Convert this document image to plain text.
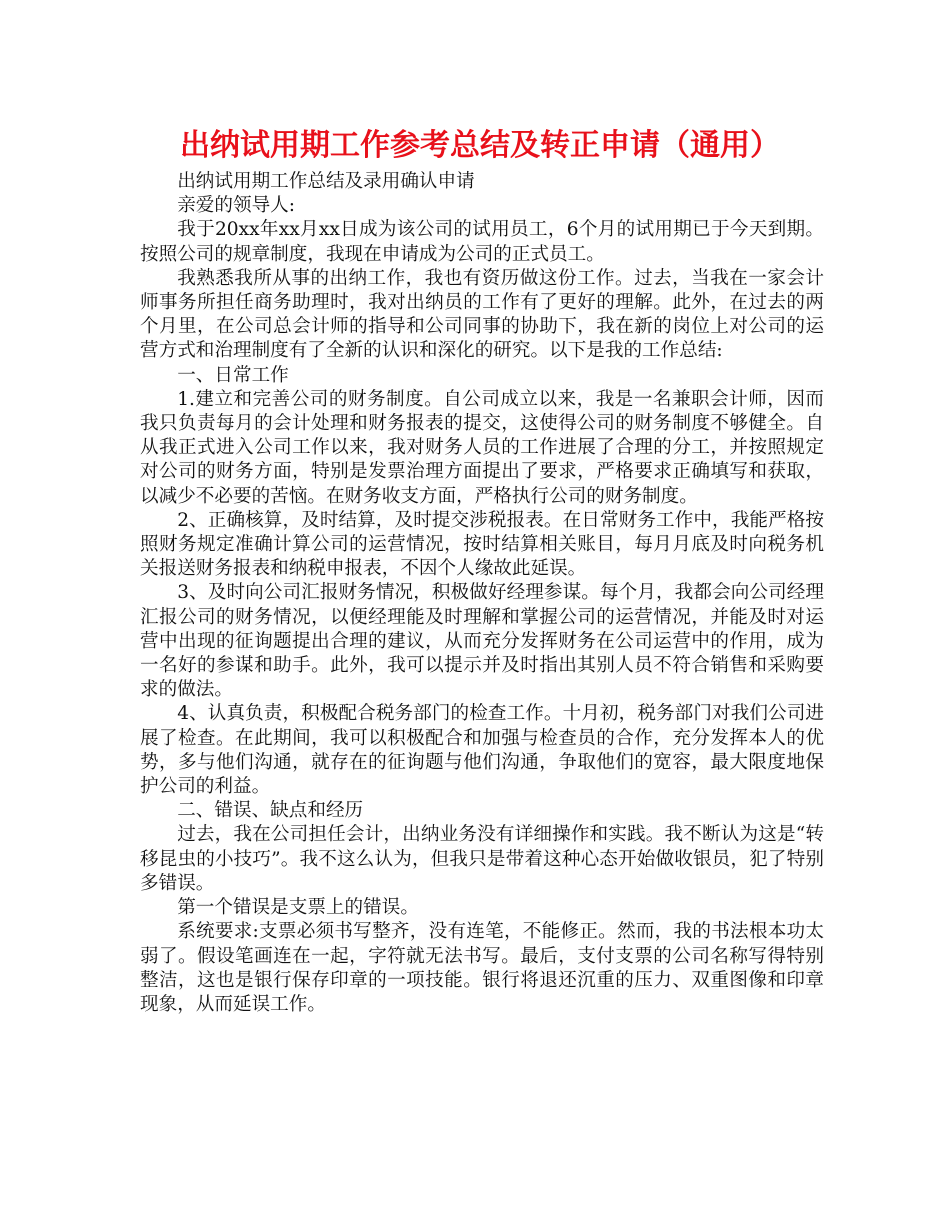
出纳试用期工作参考总结及转正申请（通用）

出纳试用期工作总结及录用确认申请

亲爱的领导人:

我于20xx年xx月xx日成为该公司的试用员工，6个月的试用期已于今天到期。按照公司的规章制度，我现在申请成为公司的正式员工。

我熟悉我所从事的出纳工作，我也有资历做这份工作。过去，当我在一家会计师事务所担任商务助理时，我对出纳员的工作有了更好的理解。此外，在过去的两个月里，在公司总会计师的指导和公司同事的协助下，我在新的岗位上对公司的运营方式和治理制度有了全新的认识和深化的研究。以下是我的工作总结:

一、日常工作

1.建立和完善公司的财务制度。自公司成立以来，我是一名兼职会计师，因而我只负责每月的会计处理和财务报表的提交，这使得公司的财务制度不够健全。自从我正式进入公司工作以来，我对财务人员的工作进展了合理的分工，并按照规定对公司的财务方面，特别是发票治理方面提出了要求，严格要求正确填写和获取，以减少不必要的苦恼。在财务收支方面，严格执行公司的财务制度。

2、正确核算，及时结算，及时提交涉税报表。在日常财务工作中，我能严格按照财务规定准确计算公司的运营情况，按时结算相关账目，每月月底及时向税务机关报送财务报表和纳税申报表，不因个人缘故此延误。

3、及时向公司汇报财务情况，积极做好经理参谋。每个月，我都会向公司经理汇报公司的财务情况，以便经理能及时理解和掌握公司的运营情况，并能及时对运营中出现的征询题提出合理的建议，从而充分发挥财务在公司运营中的作用，成为一名好的参谋和助手。此外，我可以提示并及时指出其别人员不符合销售和采购要求的做法。

4、认真负责，积极配合税务部门的检查工作。十月初，税务部门对我们公司进展了检查。在此期间，我可以积极配合和加强与检查员的合作，充分发挥本人的优势，多与他们沟通，就存在的征询题与他们沟通，争取他们的宽容，最大限度地保护公司的利益。

二、错误、缺点和经历

过去，我在公司担任会计，出纳业务没有详细操作和实践。我不断认为这是“转移昆虫的小技巧”。我不这么认为，但我只是带着这种心态开始做收银员，犯了特别多错误。

第一个错误是支票上的错误。

系统要求:支票必须书写整齐，没有连笔，不能修正。然而，我的书法根本功太弱了。假设笔画连在一起，字符就无法书写。最后，支付支票的公司名称写得特别整洁，这也是银行保存印章的一项技能。银行将退还沉重的压力、双重图像和印章现象，从而延误工作。
